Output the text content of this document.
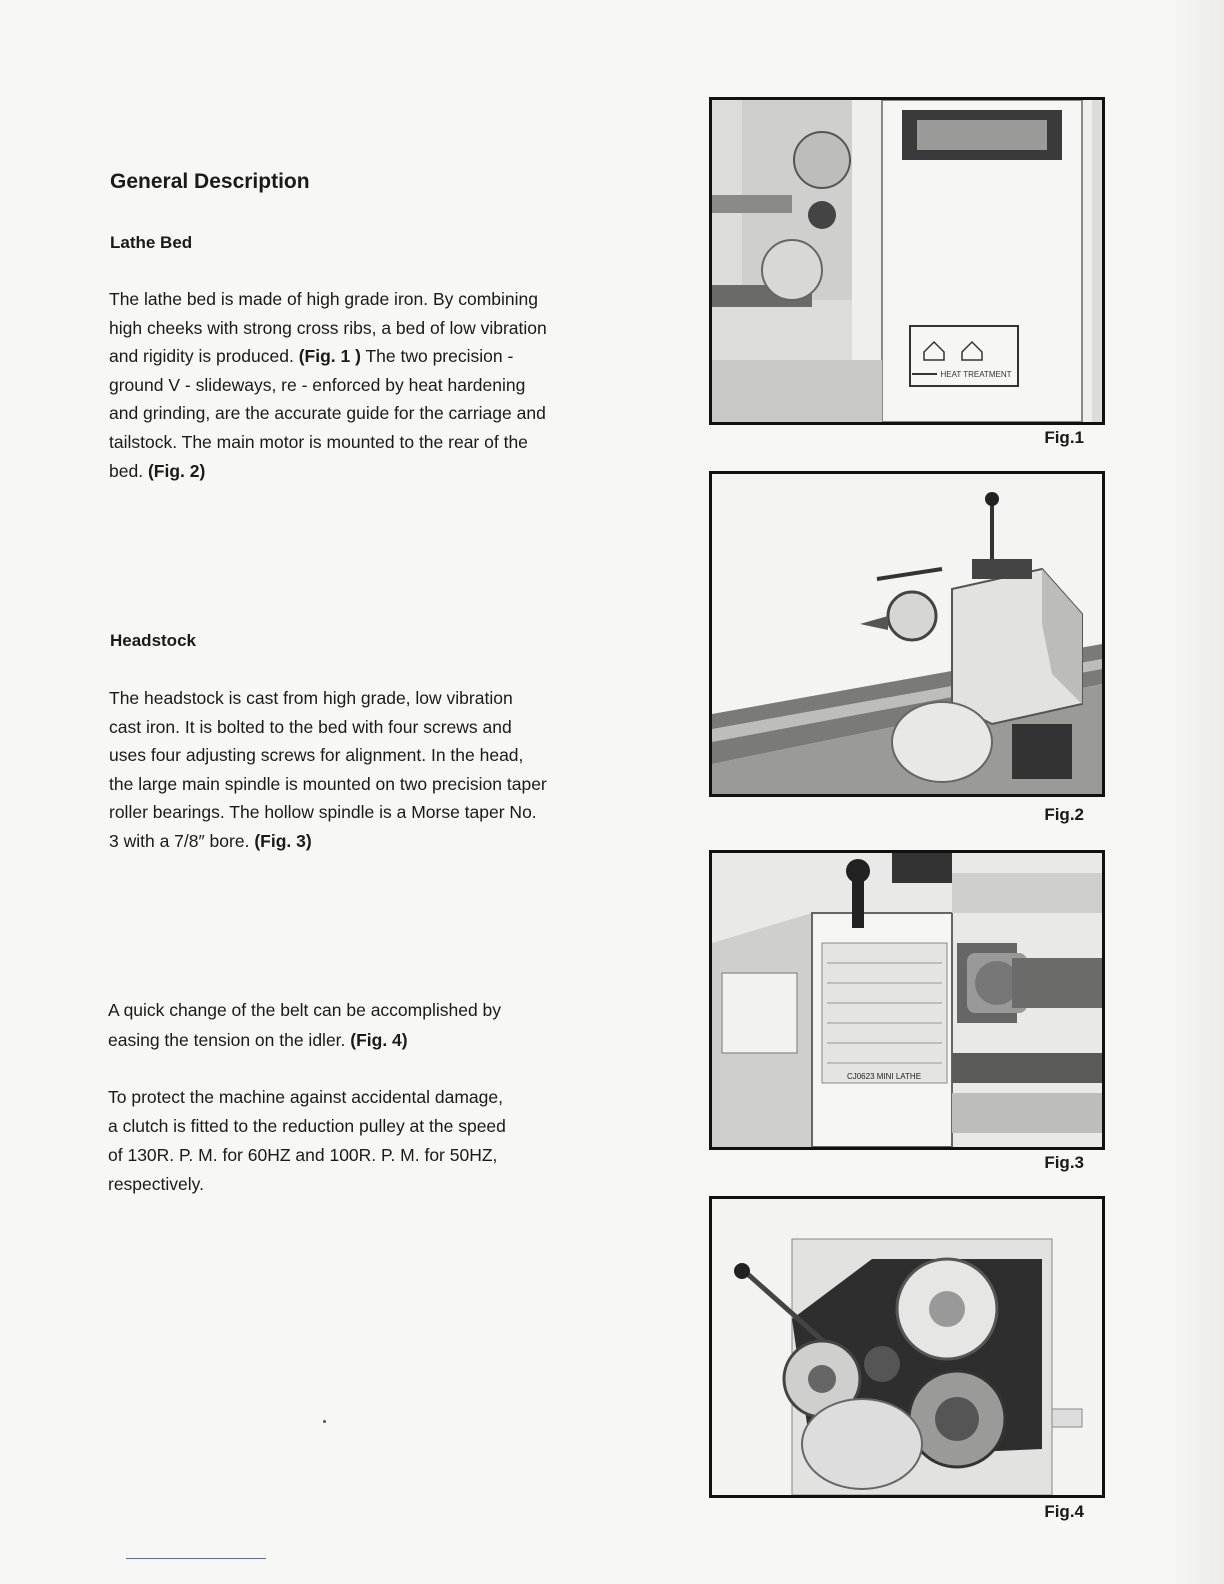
General Description
Lathe Bed
The lathe bed is made of high grade iron. By combining
high cheeks with strong cross ribs, a bed of low vibration
and rigidity is produced. (Fig. 1 ) The two precision -
ground V - slideways, re - enforced by heat hardening
and grinding, are the accurate guide for the carriage and
tailstock. The main motor is mounted to the rear of the
bed. (Fig. 2)
Headstock
The headstock is cast from high grade, low vibration
cast iron. It is bolted to the bed with four screws and
uses four adjusting screws for alignment. In the head,
the large main spindle is mounted on two precision taper
roller bearings. The hollow spindle is a Morse taper No.
3 with a 7/8″ bore. (Fig. 3)
A quick change of the belt can be accomplished by
easing the tension on the idler. (Fig. 4)
To protect the machine against accidental damage,
a clutch is fitted to the reduction pulley at the speed
of 130R. P. M. for 60HZ and 100R. P. M. for 50HZ,
respectively.
HEAT TREATMENT
Fig.1
Fig.2
CJ0623 MINI LATHE
Fig.3
Fig.4
